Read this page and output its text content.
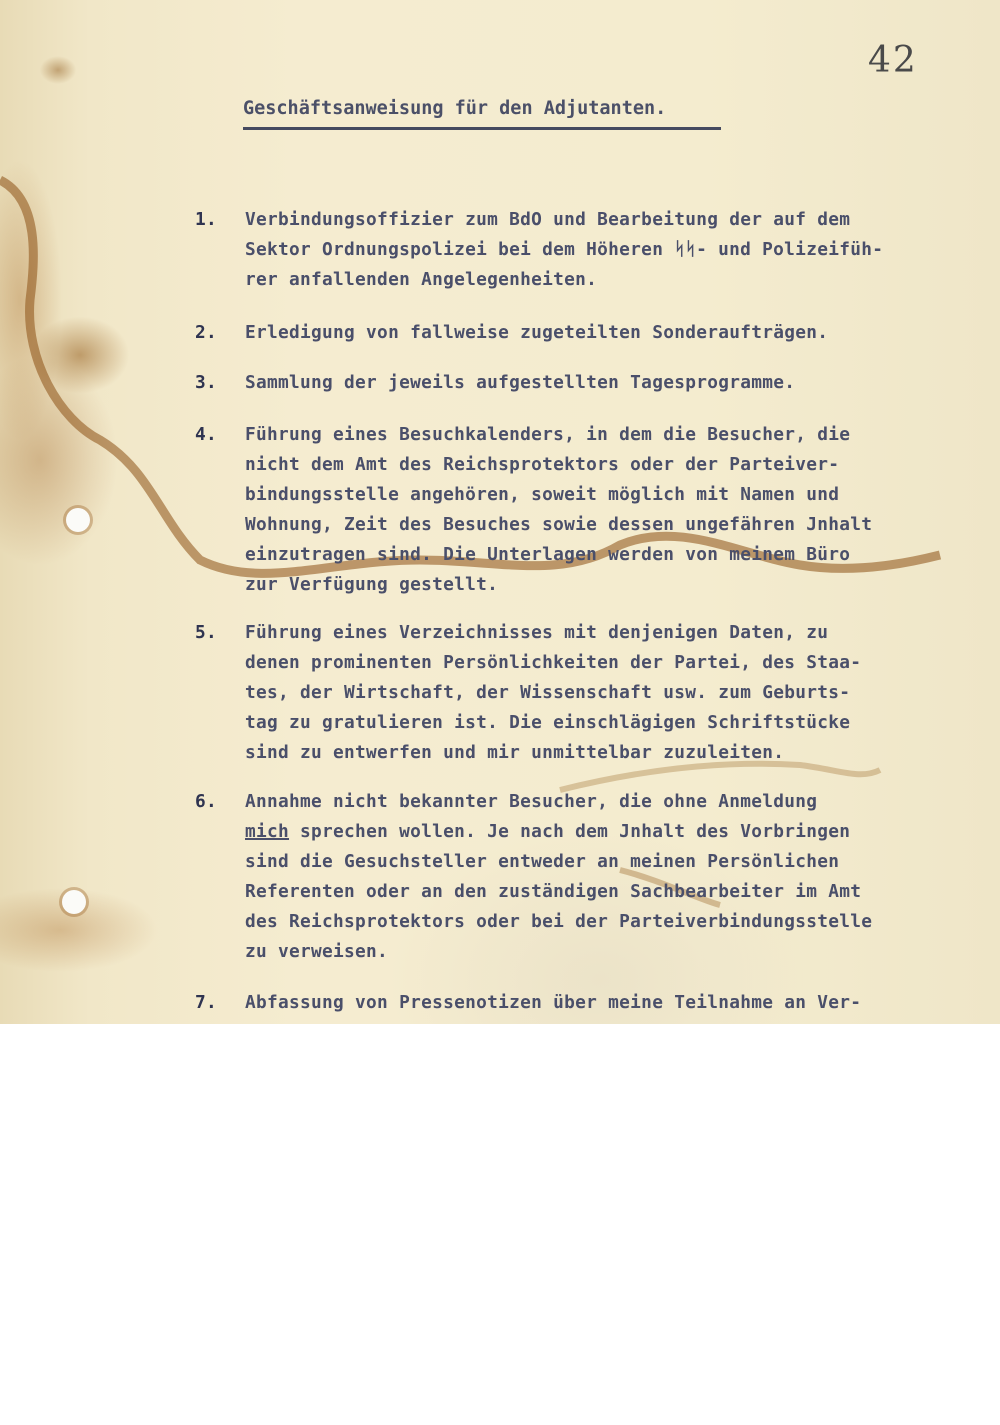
42
Geschäftsanweisung für den Adjutanten.
1. Verbindungsoffizier zum BdO und Bearbeitung der auf dem
Sektor Ordnungspolizei bei dem Höheren ᛋᛋ- und Polizeifüh-
rer anfallenden Angelegenheiten.
2. Erledigung von fallweise zugeteilten Sonderaufträgen.
3. Sammlung der jeweils aufgestellten Tagesprogramme.
4. Führung eines Besuchkalenders, in dem die Besucher, die
nicht dem Amt des Reichsprotektors oder der Parteiver-
bindungsstelle angehören, soweit möglich mit Namen und
Wohnung, Zeit des Besuches sowie dessen ungefähren Jnhalt
einzutragen sind. Die Unterlagen werden von meinem Büro
zur Verfügung gestellt.
5. Führung eines Verzeichnisses mit denjenigen Daten, zu
denen prominenten Persönlichkeiten der Partei, des Staa-
tes, der Wirtschaft, der Wissenschaft usw. zum Geburts-
tag zu gratulieren ist. Die einschlägigen Schriftstücke
sind zu entwerfen und mir unmittelbar zuzuleiten.
6. Annahme nicht bekannter Besucher, die ohne Anmeldung
mich sprechen wollen. Je nach dem Jnhalt des Vorbringen
sind die Gesuchsteller entweder an meinen Persönlichen
Referenten oder an den zuständigen Sachbearbeiter im Amt
des Reichsprotektors oder bei der Parteiverbindungsstelle
zu verweisen.
7. Abfassung von Pressenotizen über meine Teilnahme an Ver-
